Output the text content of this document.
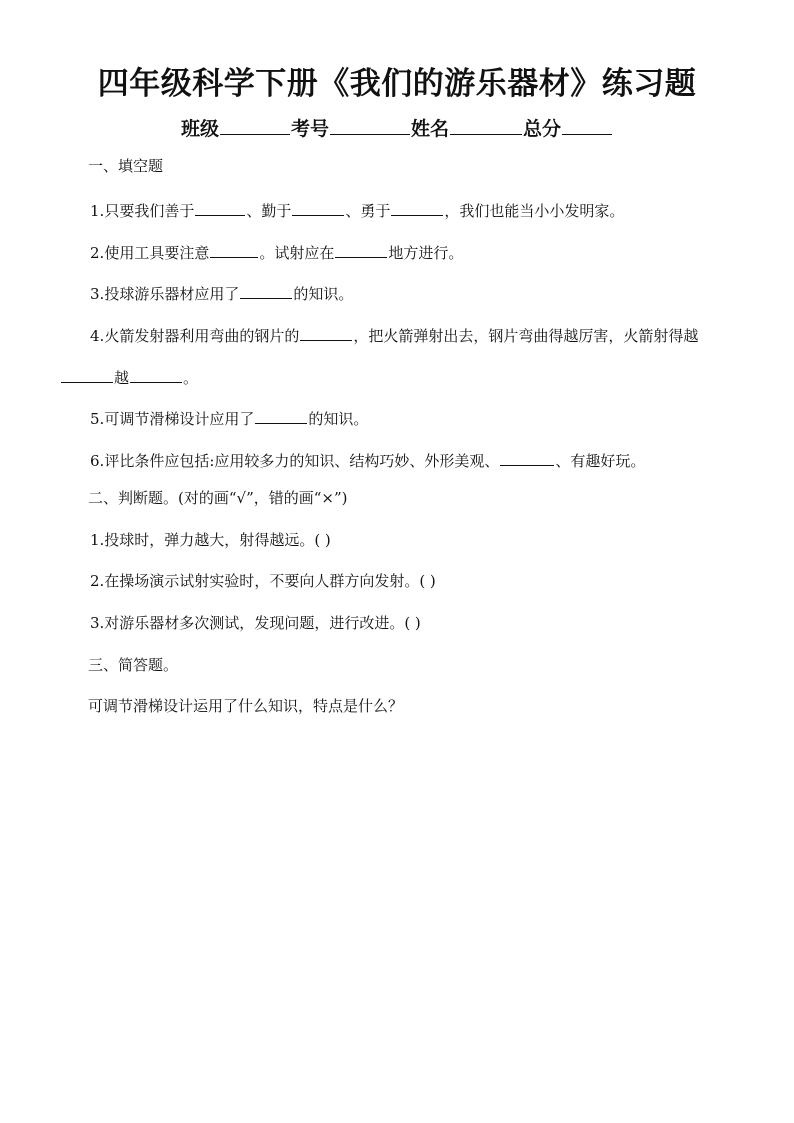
四年级科学下册《我们的游乐器材》练习题
班级	考号	姓名	总分
一、填空题
1.只要我们善于	、勤于	、勇于	，我们也能当小小发明家。
2.使用工具要注意	。试射应在	地方进行。
3.投球游乐器材应用了	的知识。
4.火箭发射器利用弯曲的钢片的	，把火箭弹射出去，钢片弯曲得越厉害，火箭射得越
越	。
5.可调节滑梯设计应用了	的知识。
6.评比条件应包括:应用较多力的知识、结构巧妙、外形美观、	、有趣好玩。
二、判断题。(对的画“√”，错的画“×”)
1.投球时，弹力越大，射得越远。( )
2.在操场演示试射实验时，不要向人群方向发射。( )
3.对游乐器材多次测试，发现问题，进行改进。( )
三、简答题。
可调节滑梯设计运用了什么知识，特点是什么？
